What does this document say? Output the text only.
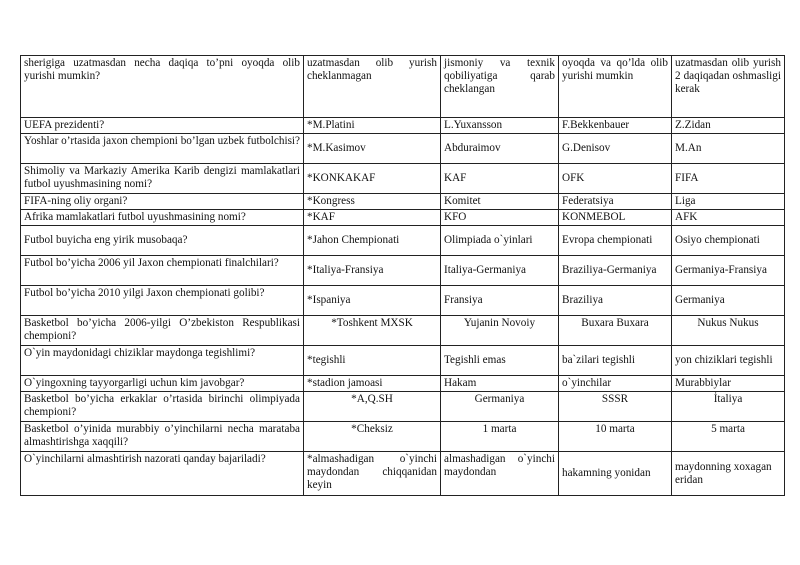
sherigiga uzatmasdan necha daqiqa to’pni oyoqda olib yurishi mumkin?	uzatmasdan olib yurish cheklanmagan	jismoniy va texnik qobiliyatiga qarab cheklangan	oyoqda va qo’lda olib yurishi mumkin	uzatmasdan olib yurish 2 daqiqadan oshmasligi kerak
UEFA prezidenti?	*M.Platini	L.Yuxansson	F.Bekkenbauer	Z.Zidan
Yoshlar o’rtasida jaxon chempioni bo’lgan uzbek futbolchisi?	*M.Kasimov	Abduraimov	G.Denisov	M.An
Shimoliy va Markaziy Amerika Karib dengizi mamlakatlari futbol uyushmasining nomi?	*KONKAKAF	KAF	OFK	FIFA
FIFA-ning oliy organi?	*Kongress	Komitet	Federatsiya	Liga
Afrika mamlakatlari futbol uyushmasining nomi?	*KAF	KFO	KONMEBOL	AFK
Futbol buyicha eng yirik musobaqa?	*Jahon Chempionati	Olimpiada o`yinlari	Evropa chempionati	Osiyo chempionati
Futbol bo’yicha 2006 yil Jaxon chempionati finalchilari?	*Italiya-Fransiya	Italiya-Germaniya	Braziliya-Germaniya	Germaniya-Fransiya
Futbol bo’yicha 2010 yilgi Jaxon chempionati golibi?	*Іspaniya	Fransiya	Braziliya	Germaniya
Basketbol bo’yicha 2006-yilgi O’zbekiston Respublikasi chempioni?	*Toshkent MXSK	Yujanin Novoiy	Buxara Buxara	Nukus Nukus
O`yin maydonidagi chiziklar maydonga tegishlimi?	*tegishli	Tegishli emas	ba`zilari tegishli	yon chiziklari tegishli
O`yingoxning tayyorgarligi uchun kim javobgar?	*stadion jamoasi	Hakam	o`yinchilar	Murabbiylar
Basketbol bo’yicha erkaklar o’rtasida birinchi olimpiyada chempioni?	*A,Q.SH	Germaniya	SSSR	İtaliya
Basketbol o’yinida murabbiy o’yinchilarni necha marataba almashtirishga xaqqili?	*Cheksiz	1 marta	10 marta	5 marta
O`yinchilarni almashtirish nazorati qanday bajariladi?	*almashadigan o`yinchi maydondan chiqqanidan keyin	almashadigan o`yinchi maydondan	hakamning yonidan	maydonning xoxagan eridan
